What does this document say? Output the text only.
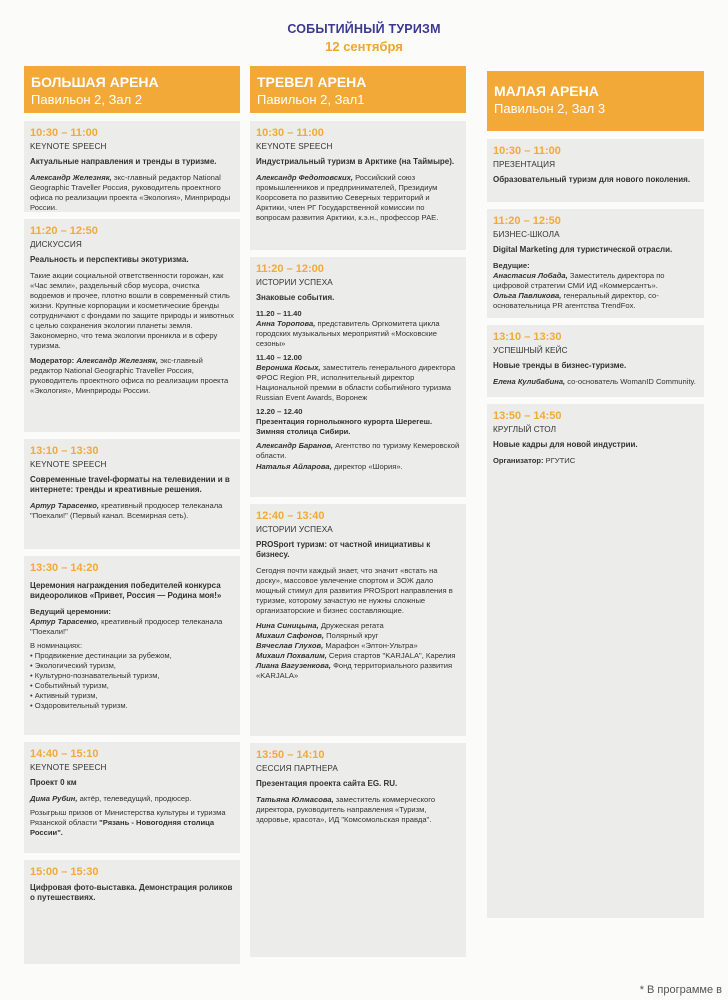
СОБЫТИЙНЫЙ ТУРИЗМ
12 сентября
БОЛЬШАЯ АРЕНА
Павильон 2, Зал 2
10:30 – 11:00
KEYNOTE SPEECH
Актуальные направления и тренды в туризме.
Александр Железняк, экс-главный редактор National Geographic Traveller Россия, руководитель проектного офиса по реализации проекта «Экология», Минприроды России.
11:20 – 12:50
ДИСКУССИЯ
Реальность и перспективы экотуризма.
Такие акции социальной ответственности горожан, как «Час земли», раздельный сбор мусора, очистка водоемов и прочее, плотно вошли в современный стиль жизни. Крупные корпорации и косметические бренды сотрудничают с фондами по защите природы и животных с целью сохранения экологии планеты земля. Закономерно, что тема экологии проникла и в сферу туризма.
Модератор: Александр Железняк, экс-главный редактор National Geographic Traveller Россия, руководитель проектного офиса по реализации проекта «Экология», Минприроды России.
13:10 – 13:30
KEYNOTE SPEECH
Современные travel-форматы на телевидении и в интернете: тренды и креативные решения.
Артур Тарасенко, креативный продюсер телеканала "Поехали!" (Первый канал. Всемирная сеть).
13:30 – 14:20
Церемония награждения победителей конкурса видеороликов «Привет, Россия — Родина моя!»
Ведущий церемонии:
Артур Тарасенко, креативный продюсер телеканала "Поехали!"
В номинациях:
• Продвижение дестинации за рубежом,
• Экологический туризм,
• Культурно-познавательный туризм,
• Событийный туризм,
• Активный туризм,
• Оздоровительный туризм.
14:40 – 15:10
KEYNOTE SPEECH
Проект 0 км
Дима Рубин, актёр, телеведущий, продюсер.
Розыгрыш призов от Министерства культуры и туризма Рязанской области "Рязань - Новогодняя столица России".
15:00 – 15:30
Цифровая фото-выставка. Демонстрация роликов о путешествиях.
ТРЕВЕЛ АРЕНА
Павильон 2, Зал1
10:30 – 11:00
KEYNOTE SPEECH
Индустриальный туризм в Арктике (на Таймыре).
Александр Федотовских, Российский союз промышленников и предпринимателей, Президиум Коорсовета по развитию Северных территорий и Арктики, член РГ Государственной комиссии по вопросам развития Арктики, к.э.н., профессор РАЕ.
11:20 – 12:00
ИСТОРИИ УСПЕХА
Знаковые события.
11.20 – 11.40
Анна Торопова, представитель Оргкомитета цикла городских музыкальных мероприятий «Московские сезоны»
11.40 – 12.00
Вероника Косых, заместитель генерального директора ФРОС Region PR, исполнительный директор Национальной премии в области событийного туризма Russian Event Awards, Воронеж
12.20 – 12.40
Презентация горнолыжного курорта Шерегеш. Зимняя столица Сибири.
Александр Баранов, Агентство по туризму Кемеровской области.
Наталья Айларова, директор «Шория».
12:40 – 13:40
ИСТОРИИ УСПЕХА
PROSport туризм: от частной инициативы к бизнесу.
Сегодня почти каждый знает, что значит «встать на доску», массовое увлечение спортом и ЗОЖ дало мощный стимул для развития PROSport направления в туризме, которому зачастую не нужны сложные организаторские и бизнес составляющие.
Нина Синицына, Дружеская регата
Михаил Сафонов, Полярный круг
Вячеслав Глухов, Марафон «Элтон-Ультра»
Михаил Похвалим, Серия стартов "KARJALA", Карелия
Лиана Вагузенкова, Фонд территориального развития «KARJALA»
13:50 – 14:10
СЕССИЯ ПАРТНЕРА
Презентация проекта сайта EG. RU.
Татьяна Юлмасова, заместитель коммерческого директора, руководитель направления «Туризм, здоровье, красота», ИД "Комсомольская правда".
МАЛАЯ АРЕНА
Павильон 2, Зал 3
10:30 – 11:00
ПРЕЗЕНТАЦИЯ
Образовательный туризм для нового поколения.
11:20 – 12:50
БИЗНЕС-ШКОЛА
Digital Marketing для туристической отрасли.
Ведущие:
Анастасия Лобада, Заместитель директора по цифровой стратегии СМИ ИД «Коммерсантъ».
Ольга Павликова, генеральный директор, со-основательница PR агентства TrendFox.
13:10 – 13:30
УСПЕШНЫЙ КЕЙС
Новые тренды в бизнес-туризме.
Елена Кулибабина, со-основатель WomanID Community.
13:50 – 14:50
КРУГЛЫЙ СТОЛ
Новые кадры для новой индустрии.
Организатор: РГУТИС
* В программе в
